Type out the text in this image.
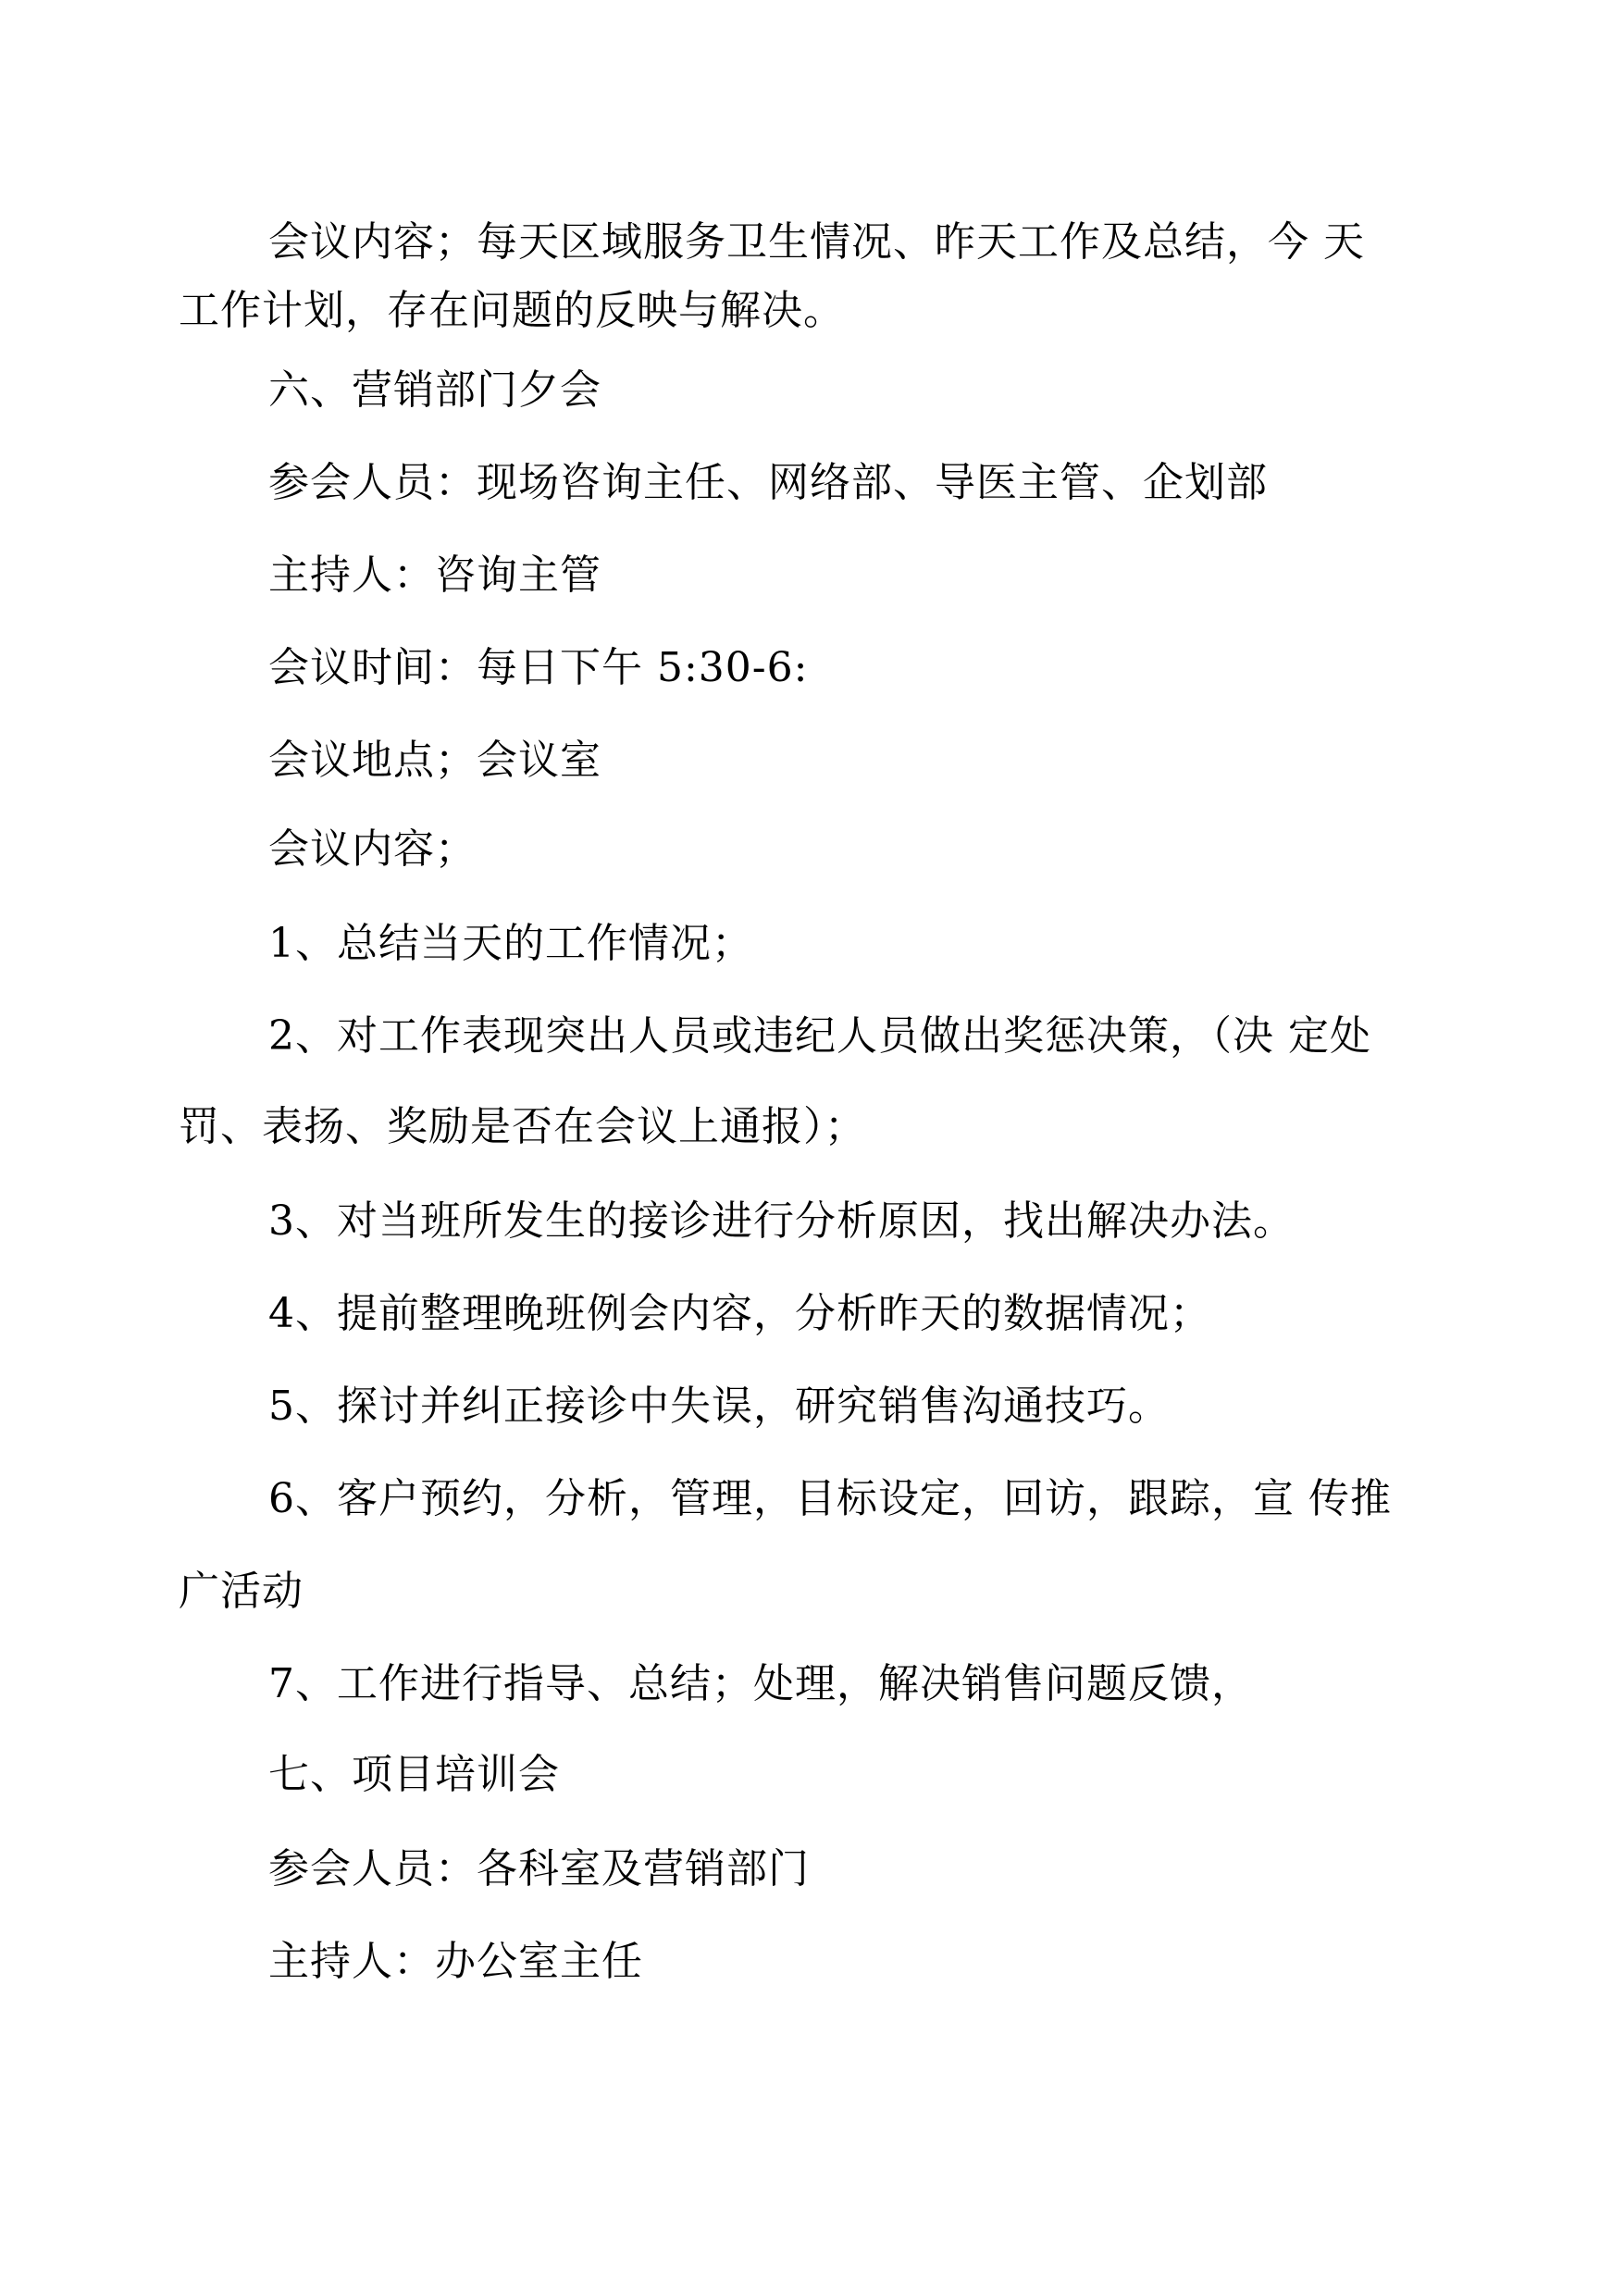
会议内容；每天区域服务卫生情况、昨天工作及总结，今 天
工作计划，存在问题的反映与解决。
六、营销部门夕会
参会人员：现场咨询主任、网络部、导医主管、企划部
主持人：咨询主管
会议时间：每日下午 5:30-6:
会议地点；会议室
会议内容；
1、总结当天的工作情况；
2、对工作表现突出人员或违纪人员做出奖惩决策，（决 定处
罚、表扬、奖励是否在会议上通报）；
3、对当班所发生的接诊进行分析原因，找出解决办法。
4、提前整理晚班例会内容，分析昨天的数据情况；
5、探讨并纠正接诊中失误，研究销售沟通技巧。
6、客户预约，分析，管理，目标设定，回访，跟踪，宣 传推
广活动
7、工作进行指导、总结；处理，解决销售问题反馈，
七、项目培训会
参会人员：各科室及营销部门
主持人：办公室主任
